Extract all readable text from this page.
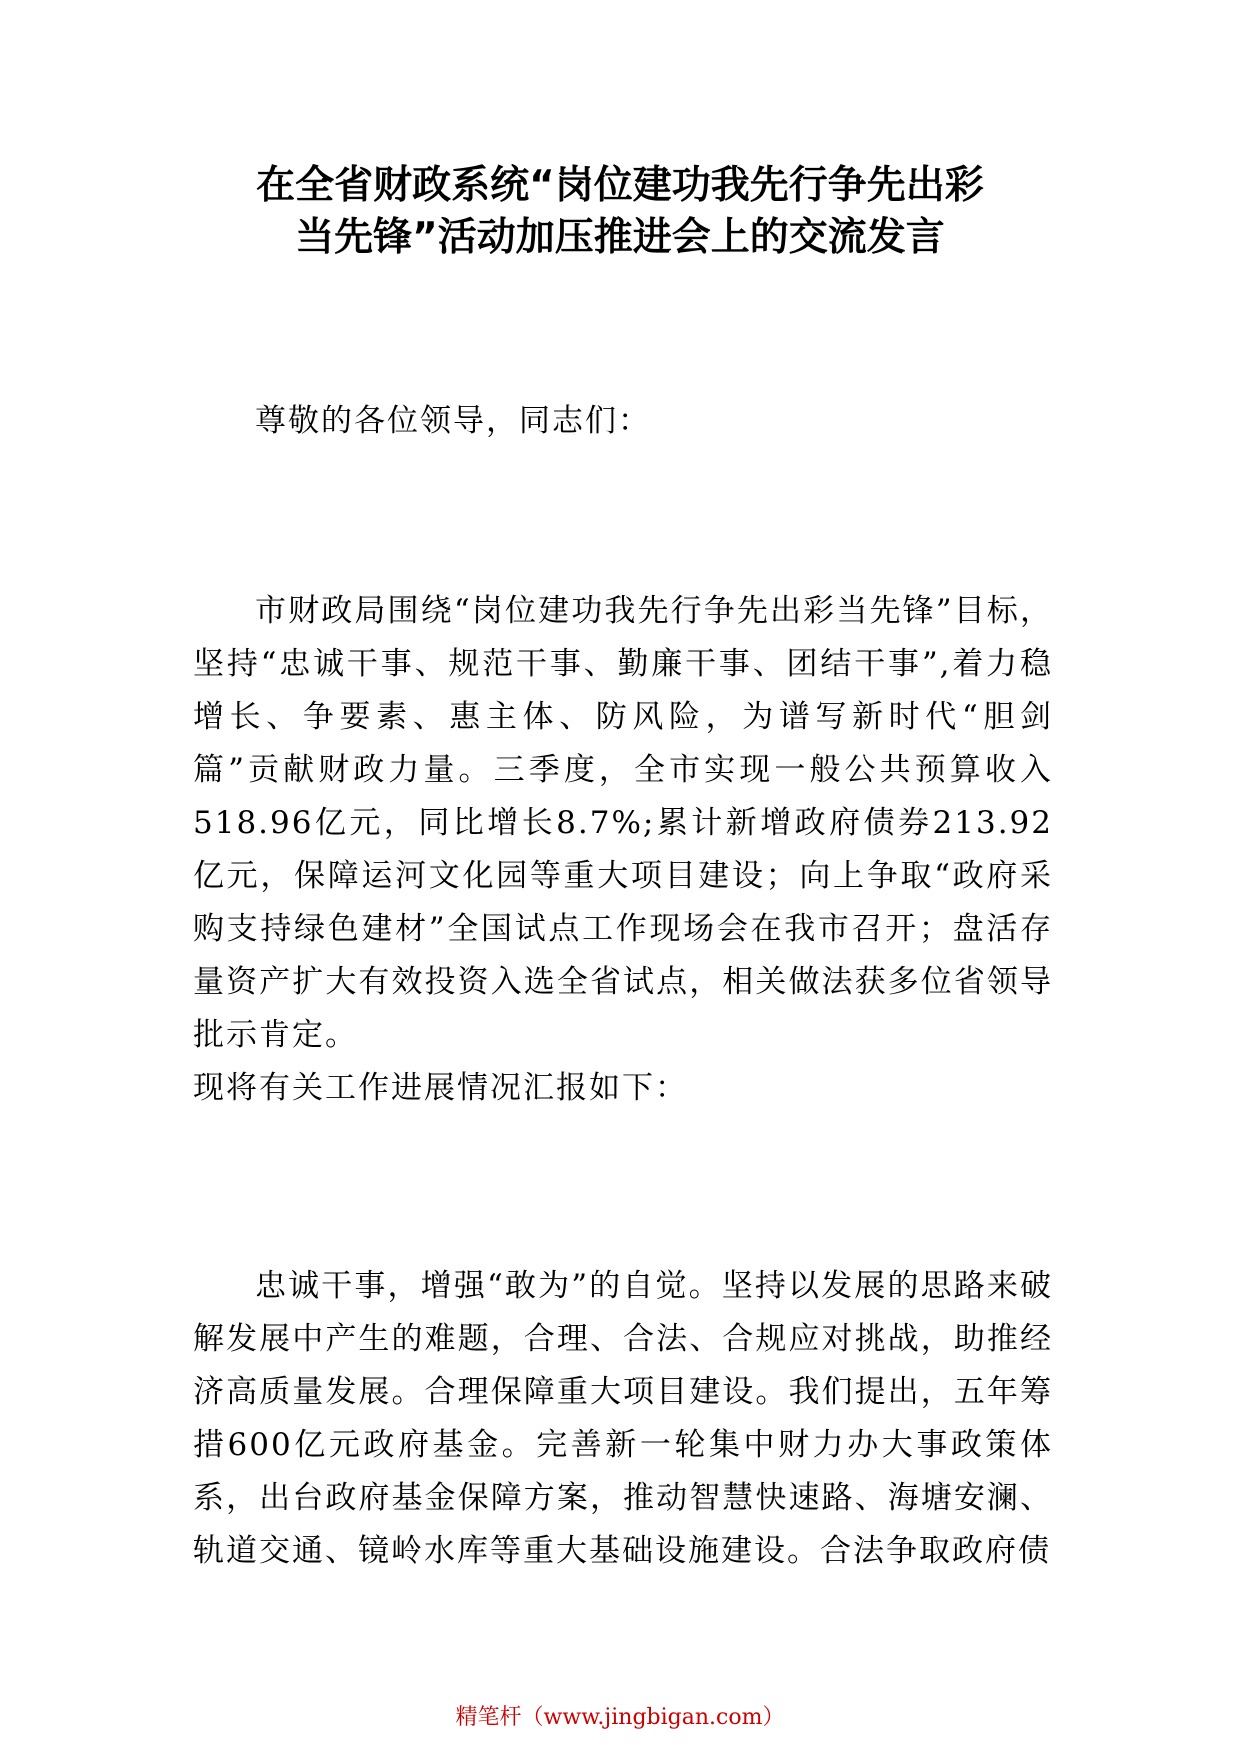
在全省财政系统“岗位建功我先行争先出彩
当先锋”活动加压推进会上的交流发言

尊敬的各位领导，同志们：

市财政局围绕“岗位建功我先行争先出彩当先锋”目标，坚持“忠诚干事、规范干事、勤廉干事、团结干事”,着力稳增长、争要素、惠主体、防风险，为谱写新时代“胆剑篇”贡献财政力量。三季度，全市实现一般公共预算收入518.96亿元，同比增长8.7%;累计新增政府债券213.92亿元，保障运河文化园等重大项目建设；向上争取“政府采购支持绿色建材”全国试点工作现场会在我市召开；盘活存量资产扩大有效投资入选全省试点，相关做法获多位省领导批示肯定。

现将有关工作进展情况汇报如下：

忠诚干事，增强“敢为”的自觉。坚持以发展的思路来破解发展中产生的难题，合理、合法、合规应对挑战，助推经济高质量发展。合理保障重大项目建设。我们提出，五年筹措600亿元政府基金。完善新一轮集中财力办大事政策体 系，出台政府基金保障方案，推动智慧快速路、海塘安澜、 轨道交通、镜岭水库等重大基础设施建设。合法争取政府债

精笔杆（www.jingbigan.com）
